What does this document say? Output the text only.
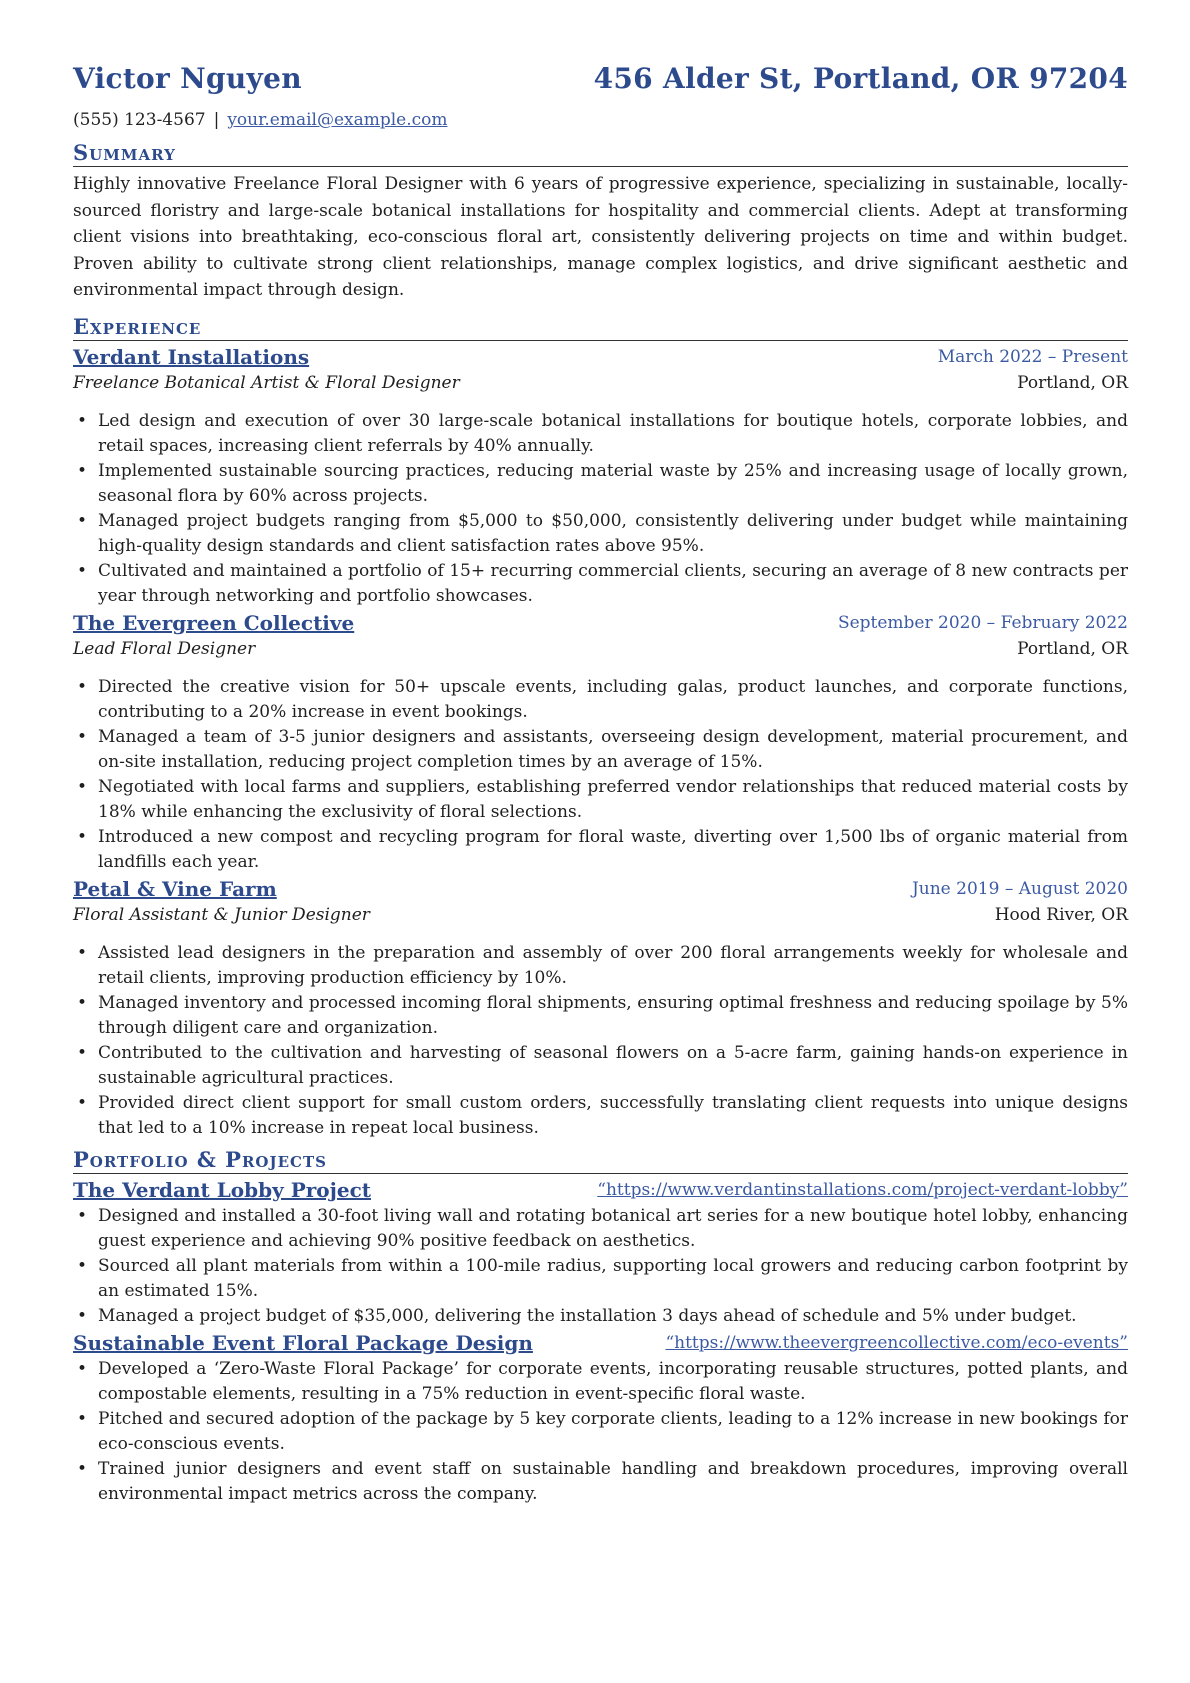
Victor Nguyen	456 Alder St, Portland, OR 97204
(555) 123-4567 | your.email@example.com
Summary

Highly innovative Freelance Floral Designer with 6 years of progressive experience, specializing in sustainable, locally-sourced floristry and large-scale botanical installations for hospitality and commercial clients. Adept at transforming client visions into breathtaking, eco-conscious floral art, consistently delivering projects on time and within budget. Proven ability to cultivate strong client relationships, manage complex logistics, and drive significant aesthetic and environmental impact through design.

Experience
Verdant Installations	March 2022 – Present
Freelance Botanical Artist & Floral Designer	Portland, OR
• Led design and execution of over 30 large-scale botanical installations for boutique hotels, corporate lobbies, and retail spaces, increasing client referrals by 40% annually.
• Implemented sustainable sourcing practices, reducing material waste by 25% and increasing usage of locally grown, seasonal flora by 60% across projects.
• Managed project budgets ranging from $5,000 to $50,000, consistently delivering under budget while maintaining high-quality design standards and client satisfaction rates above 95%.
• Cultivated and maintained a portfolio of 15+ recurring commercial clients, securing an average of 8 new contracts per year through networking and portfolio showcases.
The Evergreen Collective	September 2020 – February 2022
Lead Floral Designer	Portland, OR
• Directed the creative vision for 50+ upscale events, including galas, product launches, and corporate functions, contributing to a 20% increase in event bookings.
• Managed a team of 3-5 junior designers and assistants, overseeing design development, material procurement, and on-site installation, reducing project completion times by an average of 15%.
• Negotiated with local farms and suppliers, establishing preferred vendor relationships that reduced material costs by 18% while enhancing the exclusivity of floral selections.
• Introduced a new compost and recycling program for floral waste, diverting over 1,500 lbs of organic material from landfills each year.
Petal & Vine Farm	June 2019 – August 2020
Floral Assistant & Junior Designer	Hood River, OR
• Assisted lead designers in the preparation and assembly of over 200 floral arrangements weekly for wholesale and retail clients, improving production efficiency by 10%.
• Managed inventory and processed incoming floral shipments, ensuring optimal freshness and reducing spoilage by 5% through diligent care and organization.
• Contributed to the cultivation and harvesting of seasonal flowers on a 5-acre farm, gaining hands-on experience in sustainable agricultural practices.
• Provided direct client support for small custom orders, successfully translating client requests into unique designs that led to a 10% increase in repeat local business.
Portfolio & Projects
The Verdant Lobby Project	“https://www.verdantinstallations.com/project-verdant-lobby”
• Designed and installed a 30-foot living wall and rotating botanical art series for a new boutique hotel lobby, enhancing guest experience and achieving 90% positive feedback on aesthetics.
• Sourced all plant materials from within a 100-mile radius, supporting local growers and reducing carbon footprint by an estimated 15%.
• Managed a project budget of $35,000, delivering the installation 3 days ahead of schedule and 5% under budget.
Sustainable Event Floral Package Design	“https://www.theevergreencollective.com/eco-events”
• Developed a ‘Zero-Waste Floral Package’ for corporate events, incorporating reusable structures, potted plants, and compostable elements, resulting in a 75% reduction in event-specific floral waste.
• Pitched and secured adoption of the package by 5 key corporate clients, leading to a 12% increase in new bookings for eco-conscious events.
• Trained junior designers and event staff on sustainable handling and breakdown procedures, improving overall environmental impact metrics across the company.
